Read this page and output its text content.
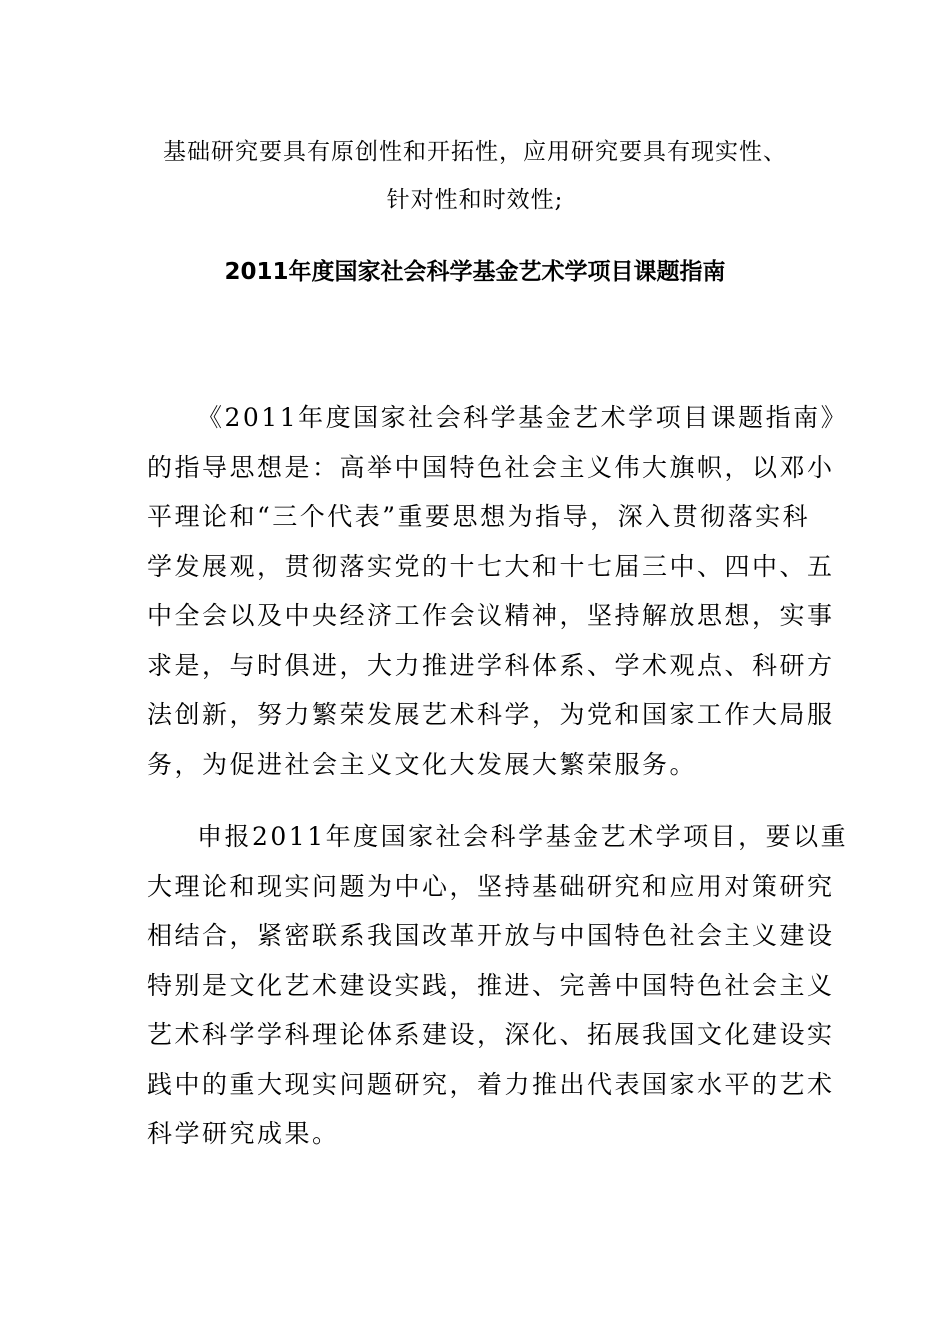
基础研究要具有原创性和开拓性，应用研究要具有现实性、
针对性和时效性;
2011年度国家社会科学基金艺术学项目课题指南
《2011年度国家社会科学基金艺术学项目课题指南》
的指导思想是：高举中国特色社会主义伟大旗帜，以邓小
平理论和“三个代表”重要思想为指导，深入贯彻落实科
学发展观，贯彻落实党的十七大和十七届三中、四中、五
中全会以及中央经济工作会议精神，坚持解放思想，实事
求是，与时俱进，大力推进学科体系、学术观点、科研方
法创新，努力繁荣发展艺术科学，为党和国家工作大局服
务，为促进社会主义文化大发展大繁荣服务。
申报2011年度国家社会科学基金艺术学项目，要以重
大理论和现实问题为中心，坚持基础研究和应用对策研究
相结合，紧密联系我国改革开放与中国特色社会主义建设
特别是文化艺术建设实践，推进、完善中国特色社会主义
艺术科学学科理论体系建设，深化、拓展我国文化建设实
践中的重大现实问题研究，着力推出代表国家水平的艺术
科学研究成果。
